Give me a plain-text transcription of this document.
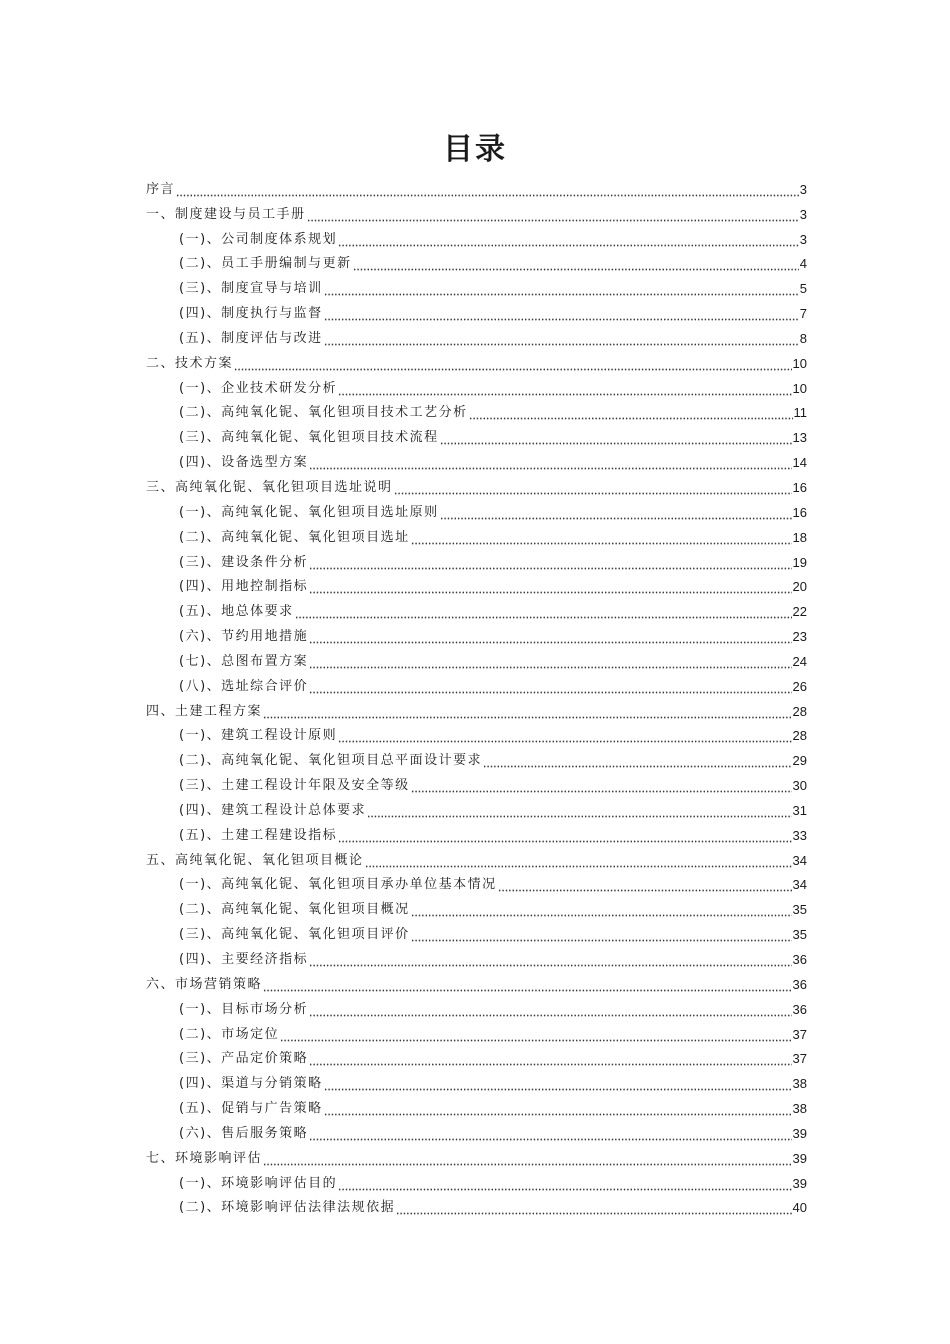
目录
序言	3
一、制度建设与员工手册	3
(一)、公司制度体系规划	3
(二)、员工手册编制与更新	4
(三)、制度宣导与培训	5
(四)、制度执行与监督	7
(五)、制度评估与改进	8
二、技术方案	10
(一)、企业技术研发分析	10
(二)、高纯氧化铌、氧化钽项目技术工艺分析	11
(三)、高纯氧化铌、氧化钽项目技术流程	13
(四)、设备选型方案	14
三、高纯氧化铌、氧化钽项目选址说明	16
(一)、高纯氧化铌、氧化钽项目选址原则	16
(二)、高纯氧化铌、氧化钽项目选址	18
(三)、建设条件分析	19
(四)、用地控制指标	20
(五)、地总体要求	22
(六)、节约用地措施	23
(七)、总图布置方案	24
(八)、选址综合评价	26
四、土建工程方案	28
(一)、建筑工程设计原则	28
(二)、高纯氧化铌、氧化钽项目总平面设计要求	29
(三)、土建工程设计年限及安全等级	30
(四)、建筑工程设计总体要求	31
(五)、土建工程建设指标	33
五、高纯氧化铌、氧化钽项目概论	34
(一)、高纯氧化铌、氧化钽项目承办单位基本情况	34
(二)、高纯氧化铌、氧化钽项目概况	35
(三)、高纯氧化铌、氧化钽项目评价	35
(四)、主要经济指标	36
六、市场营销策略	36
(一)、目标市场分析	36
(二)、市场定位	37
(三)、产品定价策略	37
(四)、渠道与分销策略	38
(五)、促销与广告策略	38
(六)、售后服务策略	39
七、环境影响评估	39
(一)、环境影响评估目的	39
(二)、环境影响评估法律法规依据	40
